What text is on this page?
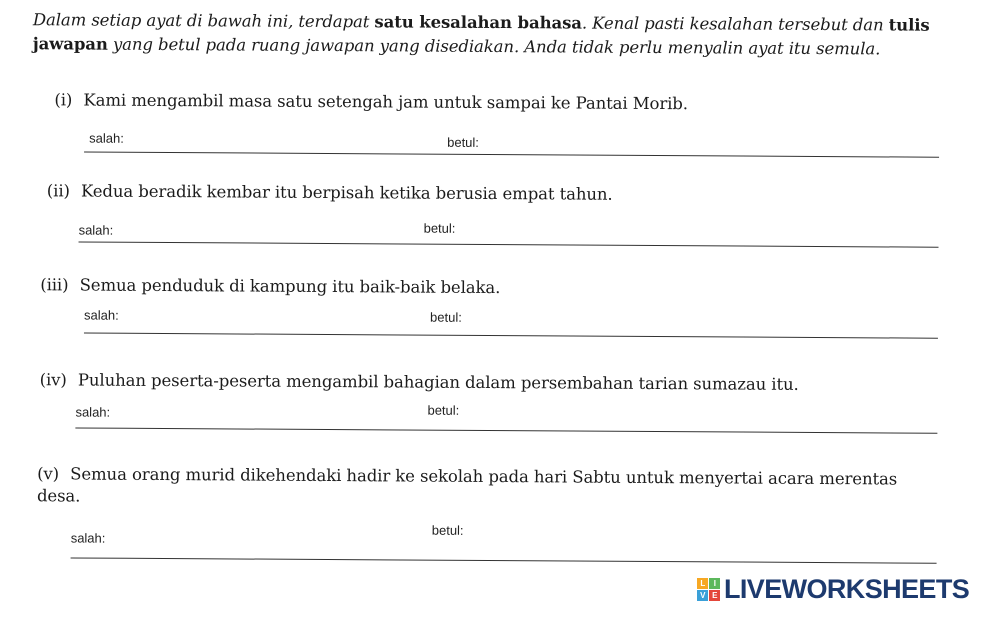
Dalam setiap ayat di bawah ini, terdapat satu kesalahan bahasa. Kenal pasti kesalahan tersebut dan tulis jawapan yang betul pada ruang jawapan yang disediakan. Anda tidak perlu menyalin ayat itu semula.
(i) Kami mengambil masa satu setengah jam untuk sampai ke Pantai Morib.
salah:	betul:
(ii) Kedua beradik kembar itu berpisah ketika berusia empat tahun.
salah:	betul:
(iii) Semua penduduk di kampung itu baik-baik belaka.
salah:	betul:
(iv) Puluhan peserta-peserta mengambil bahagian dalam persembahan tarian sumazau itu.
salah:	betul:
(v) Semua orang murid dikehendaki hadir ke sekolah pada hari Sabtu untuk menyertai acara merentas desa.
salah:
betul:
L	I
V E LIVEWORKSHEETS
